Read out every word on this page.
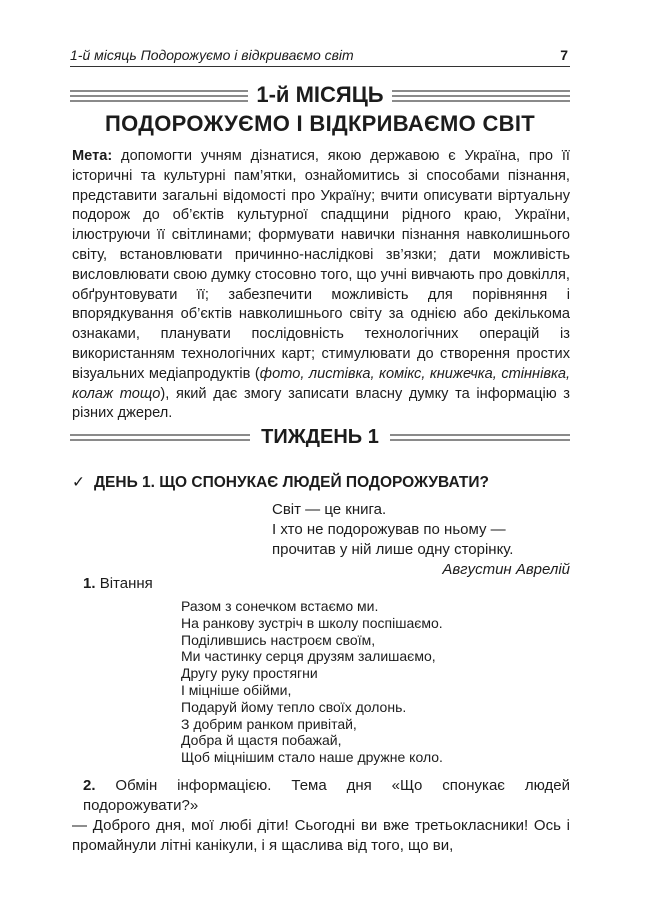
1-й місяць Подорожуємо і відкриваємо світ	7
1-й МІСЯЦЬ
ПОДОРОЖУЄМО І ВІДКРИВАЄМО СВІТ
Мета: допомогти учням дізнатися, якою державою є Україна, про її історичні та культурні пам’ятки, ознайомитись зі способами пізнання, представити загальні відомості про Україну; вчити описувати віртуальну подорож до об’єктів культурної спадщини рідного краю, України, ілюструючи її світлинами; формувати навички пізнання навколишнього світу, встановлювати причинно-наслідкові зв’язки; дати можливість висловлювати свою думку стосовно того, що учні вивчають про довкілля, обґрунтовувати її; забезпечити можливість для порівняння і впорядкування об’єктів навколишнього світу за однією або декількома ознаками, планувати послідовність технологічних операцій із використанням технологічних карт; стимулювати до створення простих візуальних медіапродуктів (фото, листівка, комікс, книжечка, стіннівка, колаж тощо), який дає змогу записати власну думку та інформацію з різних джерел.
ТИЖДЕНЬ 1
✓ ДЕНЬ 1. ЩО СПОНУКАЄ ЛЮДЕЙ ПОДОРОЖУВАТИ?
Світ — це книга.
І хто не подорожував по ньому —
прочитав у ній лише одну сторінку.
Августин Аврелій
1. Вітання
Разом з сонечком встаємо ми.
На ранкову зустріч в школу поспішаємо.
Поділившись настроєм своїм,
Ми частинку серця друзям залишаємо,
Другу руку простягни
І міцніше обійми,
Подаруй йому тепло своїх долонь.
З добрим ранком привітай,
Добра й щастя побажай,
Щоб міцнішим стало наше дружне коло.
2. Обмін інформацією. Тема дня «Що спонукає людей подорожувати?»
— Доброго дня, мої любі діти! Сьогодні ви вже третьокласники! Ось і промайнули літні канікули, і я щаслива від того, що ви,
